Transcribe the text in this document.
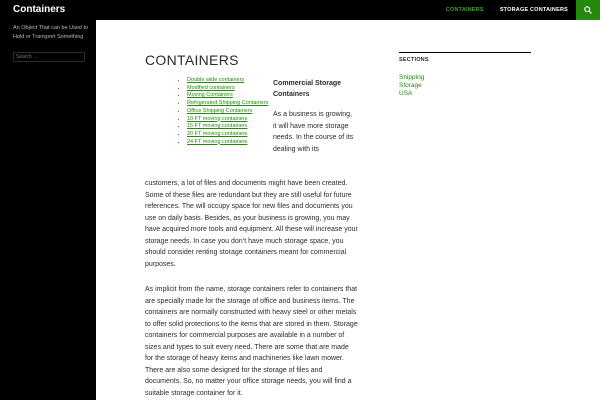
Containers	CONTAINERS	STORAGE CONTAINERS

An Object That can be Used to Hold or Transport Something

Search …
CONTAINERS
• Double wide containers
• Modified containers
• Moving Containers
• Refrigerated Shipping Containers
• Office Shipping Containers
• 10 FT moving containers
• 15 FT moving containers
• 20 FT moving containers
• 24 FT moving containers
Commercial Storage Containers

As a business is growing, it will have more storage needs. In the course of its dealing with its

customers, a lot of files and documents might have been created. Some of these files are redundant but they are still useful for future references. The will occupy space for new files and documents you use on daily basis. Besides, as your business is growing, you may have acquired more tools and equipment. All these will increase your storage needs. In case you don’t have much storage space, you should consider renting storage containers meant for commercial purposes.

As implicit from the name, storage containers refer to containers that are specially made for the storage of office and business items. The containers are normally constructed with heavy steel or other metals to offer solid protections to the items that are stored in them. Storage containers for commercial purposes are available in a number of sizes and types to suit every need. There are some that are made for the storage of heavy items and machineries like lawn mower. There are also some designed for the storage of files and documents. So, no matter your office storage needs, you will find a suitable storage container for it.

SECTIONS
Shipping
Storage
USA
